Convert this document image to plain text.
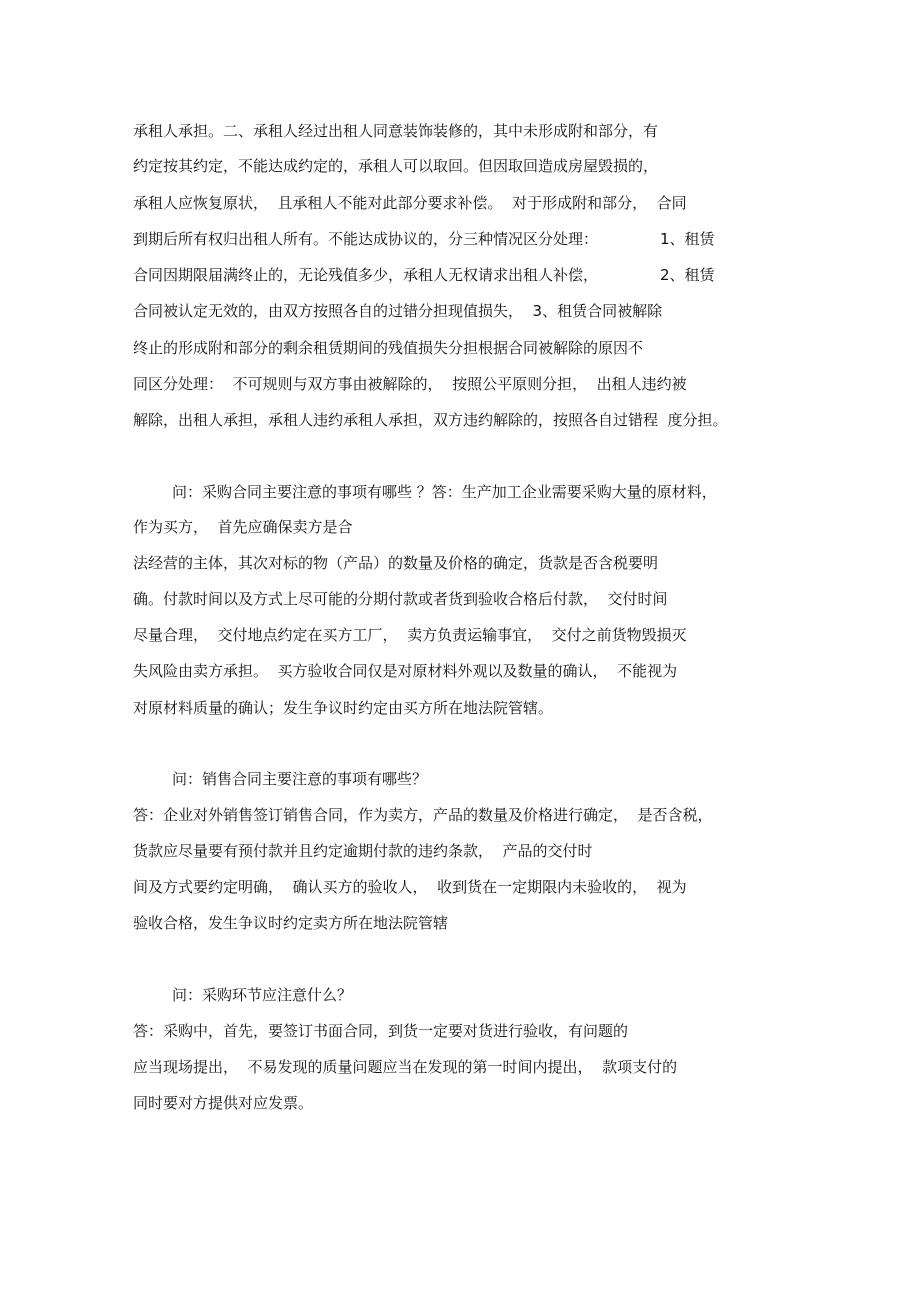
承租人承担。二、承租人经过出租人同意装饰装修的，其中未形成附和部分，有
约定按其约定，不能达成约定的，承租人可以取回。但因取回造成房屋毁损的，
承租人应恢复原状，  且承租人不能对此部分要求补偿。  对于形成附和部分，  合同
到期后所有权归出租人所有。不能达成协议的，分三种情况区分处理：             1、租赁
合同因期限届满终止的，无论残值多少，承租人无权请求出租人补偿，             2、租赁
合同被认定无效的，由双方按照各自的过错分担现值损失，  3、租赁合同被解除
终止的形成附和部分的剩余租赁期间的残值损失分担根据合同被解除的原因不
同区分处理：  不可规则与双方事由被解除的，  按照公平原则分担，  出租人违约被
解除，出租人承担，承租人违约承租人承担，双方违约解除的，按照各自过错程  度分担。
问：采购合同主要注意的事项有哪些 ？答：生产加工企业需要采购大量的原材料，
作为买方，  首先应确保卖方是合
法经营的主体，其次对标的物（产品）的数量及价格的确定，货款是否含税要明
确。付款时间以及方式上尽可能的分期付款或者货到验收合格后付款，  交付时间
尽量合理，  交付地点约定在买方工厂，  卖方负责运输事宜，  交付之前货物毁损灭
失风险由卖方承担。  买方验收合同仅是对原材料外观以及数量的确认，  不能视为
对原材料质量的确认；发生争议时约定由买方所在地法院管辖。
问：销售合同主要注意的事项有哪些？
答：企业对外销售签订销售合同，作为卖方，产品的数量及价格进行确定，  是否含税，
货款应尽量要有预付款并且约定逾期付款的违约条款，  产品的交付时
间及方式要约定明确，  确认买方的验收人，  收到货在一定期限内未验收的，  视为
验收合格，发生争议时约定卖方所在地法院管辖
问：采购环节应注意什么？
答：采购中，首先，要签订书面合同，到货一定要对货进行验收，有问题的
应当现场提出，  不易发现的质量问题应当在发现的第一时间内提出，  款项支付的
同时要对方提供对应发票。
